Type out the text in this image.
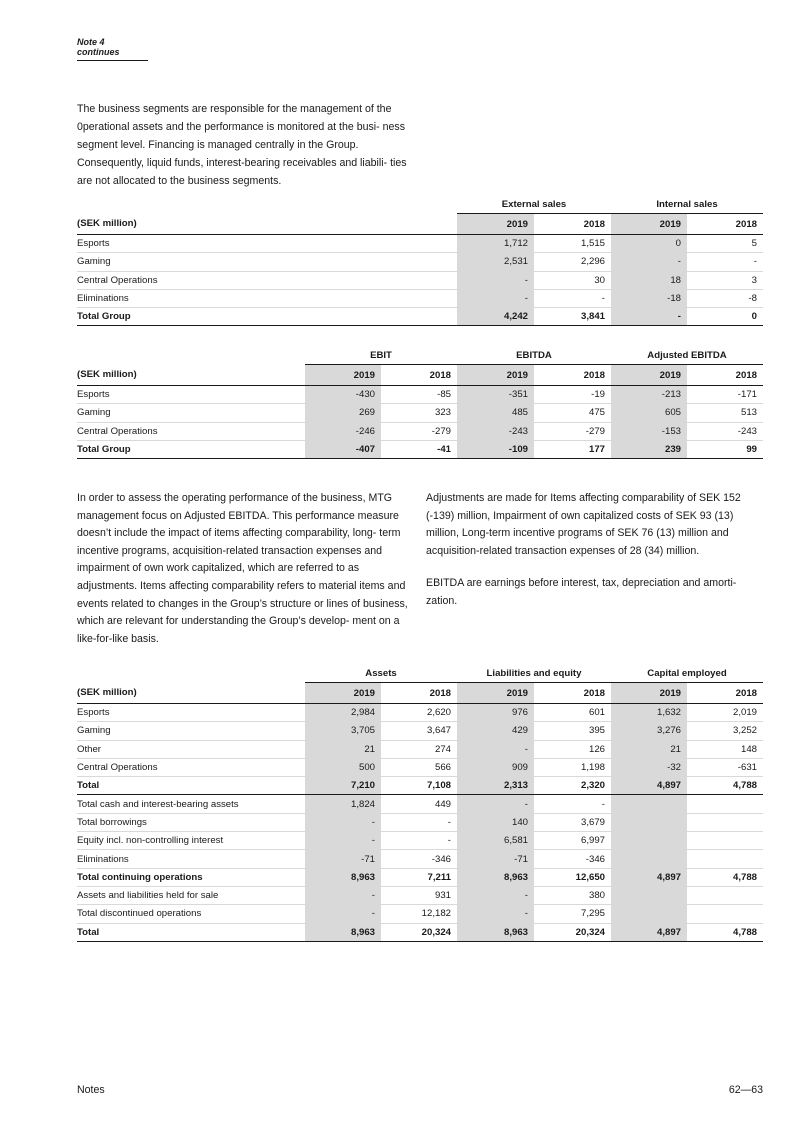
Note 4 continues

The business segments are responsible for the management of the 0perational assets and the performance is monitored at the busi- ness segment level. Financing is managed centrally in the Group. Consequently, liquid funds, interest-bearing receivables and liabili- ties are not allocated to the business segments.

	External sales		Internal sales	
(SEK million)	2019	2018	2019	2018
Esports	1,712	1,515	0	5
Gaming	2,531	2,296	-	-
Central Operations	-	30	18	3
Eliminations	-	-	-18	-8
Total Group	4,242	3,841	-	0
	EBIT		EBITDA		Adjusted EBITDA	
(SEK million)	2019	2018	2019	2018	2019	2018
Esports	-430	-85	-351	-19	-213	-171
Gaming	269	323	485	475	605	513
Central Operations	-246	-279	-243	-279	-153	-243
Total Group	-407	-41	-109	177	239	99

In order to assess the operating performance of the business, MTG management focus on Adjusted EBITDA. This performance measure doesn’t include the impact of items affecting comparability, long- term incentive programs, acquisition-related transaction expenses and impairment of own work capitalized, which are referred to as adjustments. Items affecting comparability refers to material items and events related to changes in the Group’s structure or lines of business, which are relevant for understanding the Group’s develop- ment on a like-for-like basis.

Adjustments are made for Items affecting comparability of SEK 152 (-139) million, Impairment of own capitalized costs of SEK 93 (13) million, Long-term incentive programs of SEK 76 (13) million and acquisition-related transaction expenses of 28 (34) million.

EBITDA are earnings before interest, tax, depreciation and amorti- zation.

	Assets		Liabilities and equity		Capital employed	
(SEK million)	2019	2018	2019	2018	2019	2018
Esports	2,984	2,620	976	601	1,632	2,019
Gaming	3,705	3,647	429	395	3,276	3,252
Other	21	274	-	126	21	148
Central Operations	500	566	909	1,198	-32	-631
Total	7,210	7,108	2,313	2,320	4,897	4,788
Total cash and interest-bearing assets	1,824	449	-	-		
Total borrowings	-	-	140	3,679		
Equity incl. non-controlling interest	-	-	6,581	6,997		
Eliminations	-71	-346	-71	-346		
Total continuing operations	8,963	7,211	8,963	12,650	4,897	4,788
Assets and liabilities held for sale	-	931	-	380		
Total discontinued operations	-	12,182	-	7,295		
Total	8,963	20,324	8,963	20,324	4,897	4,788
Notes	62—63
